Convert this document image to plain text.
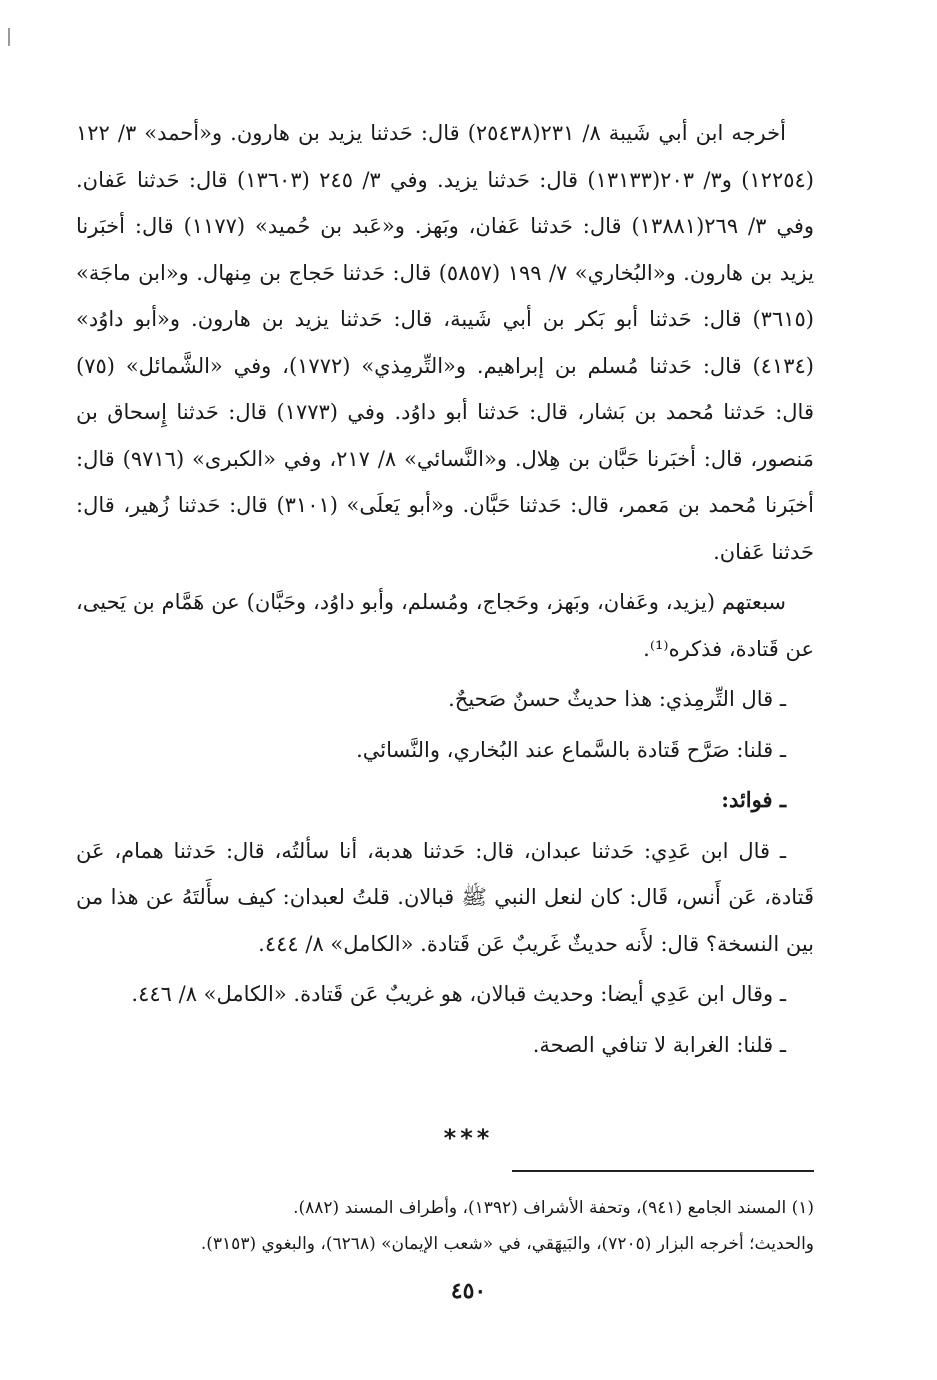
أخرجه ابن أبي شَيبة ٨/ ٢٣١(٢٥٤٣٨) قال: حَدثنا يزيد بن هارون. و«أحمد» ٣/ ١٢٢ (١٢٢٥٤) و٣/ ٢٠٣(١٣١٣٣) قال: حَدثنا يزيد. وفي ٣/ ٢٤٥ (١٣٦٠٣) قال: حَدثنا عَفان. وفي ٣/ ٢٦٩(١٣٨٨١) قال: حَدثنا عَفان، وبَهز. و«عَبد بن حُميد» (١١٧٧) قال: أخبَرنا يزيد بن هارون. و«البُخاري» ٧/ ١٩٩ (٥٨٥٧) قال: حَدثنا حَجاج بن مِنهال. و«ابن ماجَة» (٣٦١٥) قال: حَدثنا أبو بَكر بن أبي شَيبة، قال: حَدثنا يزيد بن هارون. و«أبو داوُد» (٤١٣٤) قال: حَدثنا مُسلم بن إبراهيم. و«التِّرمِذي» (١٧٧٢)، وفي «الشَّمائل» (٧٥) قال: حَدثنا مُحمد بن بَشار، قال: حَدثنا أبو داوُد. وفي (١٧٧٣) قال: حَدثنا إِسحاق بن مَنصور، قال: أخبَرنا حَبَّان بن هِلال. و«النَّسائي» ٨/ ٢١٧، وفي «الكبرى» (٩٧١٦) قال: أخبَرنا مُحمد بن مَعمر، قال: حَدثنا حَبَّان. و«أبو يَعلَى» (٣١٠١) قال: حَدثنا زُهير، قال: حَدثنا عَفان.

سبعتهم (يزيد، وعَفان، وبَهز، وحَجاج، ومُسلم، وأبو داوُد، وحَبَّان) عن هَمَّام بن يَحيى، عن قَتادة، فذكره⁽¹⁾.

ـ قال التِّرمِذي: هذا حديثٌ حسنٌ صَحيحٌ.

ـ قلنا: صَرَّح قَتادة بالسَّماع عند البُخاري، والنَّسائي.

ـ فوائد:

ـ قال ابن عَدِي: حَدثنا عبدان، قال: حَدثنا هدبة، أنا سألتُه، قال: حَدثنا همام، عَن قَتادة، عَن أَنس، قَال: كان لنعل النبي ﷺ قبالان. قلتُ لعبدان: كيف سأَلتَهُ عن هذا من بين النسخة؟ قال: لأَنه حديثٌ غَريبٌ عَن قَتادة. «الكامل» ٨/ ٤٤٤.

ـ وقال ابن عَدِي أيضا: وحديث قبالان، هو غريبٌ عَن قَتادة. «الكامل» ٨/ ٤٤٦.

ـ قلنا: الغرابة لا تنافي الصحة.

***

(١) المسند الجامع (٩٤١)، وتحفة الأشراف (١٣٩٢)، وأطراف المسند (٨٨٢).

والحديث؛ أخرجه البزار (٧٢٠٥)، والبَيهَقي، في «شعب الإيمان» (٦٢٦٨)، والبغوي (٣١٥٣).

٤٥٠
